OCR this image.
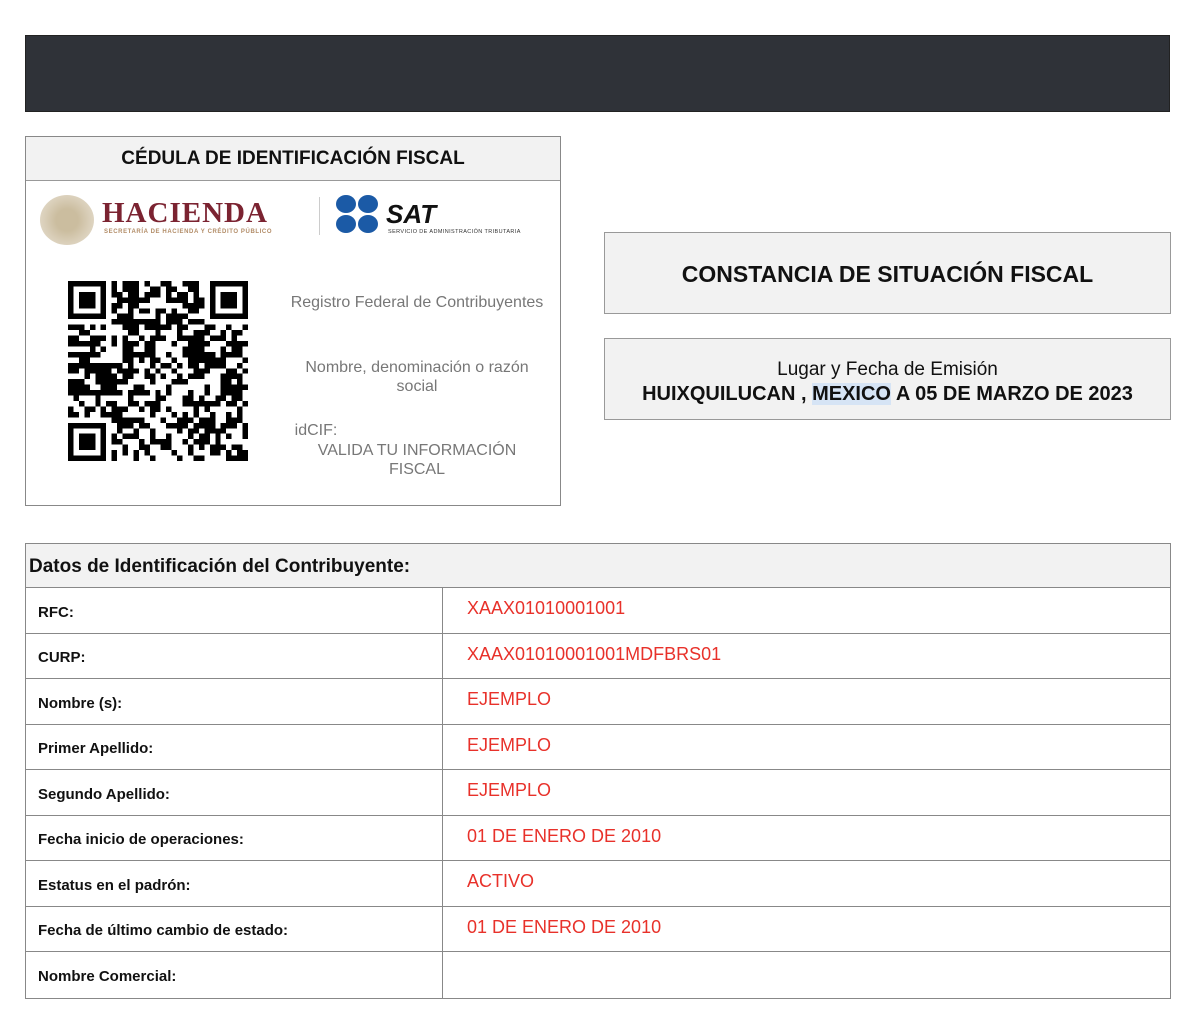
CÉDULA DE IDENTIFICACIÓN FISCAL
HACIENDA
SECRETARÍA DE HACIENDA Y CRÉDITO PÚBLICO
SAT
SERVICIO DE ADMINISTRACIÓN TRIBUTARIA
Registro Federal de Contribuyentes
Nombre, denominación o razón social
idCIF:
VALIDA TU INFORMACIÓN FISCAL
CONSTANCIA DE SITUACIÓN FISCAL
Lugar y Fecha de Emisión
HUIXQUILUCAN , MEXICO A 05 DE MARZO DE 2023
Datos de Identificación del Contribuyente:
RFC:	XAAX01010001001
CURP:	XAAX01010001001MDFBRS01
Nombre (s):	EJEMPLO
Primer Apellido:	EJEMPLO
Segundo Apellido:	EJEMPLO
Fecha inicio de operaciones:	01 DE ENERO DE 2010
Estatus en el padrón:	ACTIVO
Fecha de último cambio de estado:	01 DE ENERO DE 2010
Nombre Comercial:
